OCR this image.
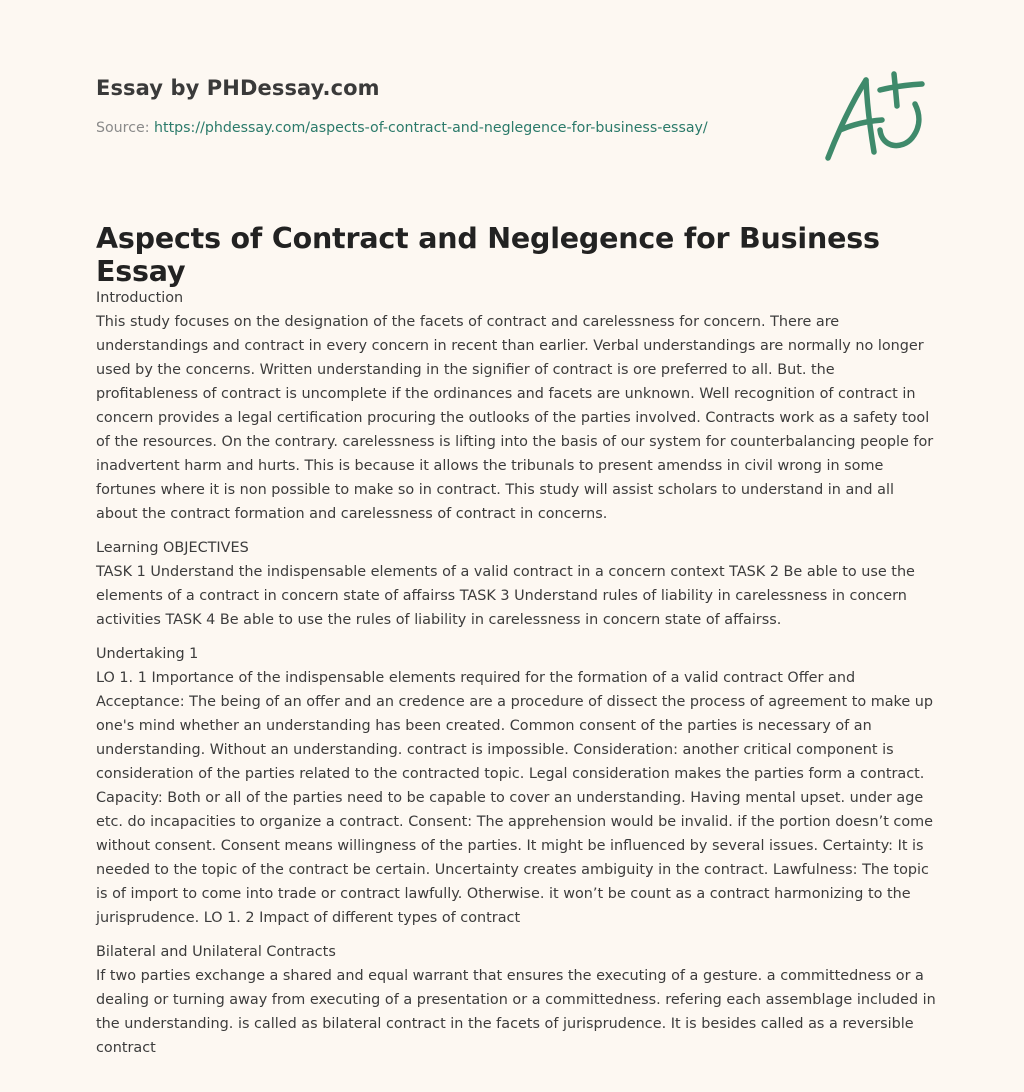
Essay by PHDessay.com

Source: https://phdessay.com/aspects-of-contract-and-neglegence-for-business-essay/
Aspects of Contract and Neglegence for Business Essay
Introduction
This study focuses on the designation of the facets of contract and carelessness for concern. There are understandings and contract in every concern in recent than earlier. Verbal understandings are normally no longer used by the concerns. Written understanding in the signifier of contract is ore preferred to all. But. the profitableness of contract is uncomplete if the ordinances and facets are unknown. Well recognition of contract in concern provides a legal certification procuring the outlooks of the parties involved. Contracts work as a safety tool of the resources. On the contrary. carelessness is lifting into the basis of our system for counterbalancing people for inadvertent harm and hurts. This is because it allows the tribunals to present amendss in civil wrong in some fortunes where it is non possible to make so in contract. This study will assist scholars to understand in and all about the contract formation and carelessness of contract in concerns.
Learning OBJECTIVES
TASK 1 Understand the indispensable elements of a valid contract in a concern context TASK 2 Be able to use the elements of a contract in concern state of affairss TASK 3 Understand rules of liability in carelessness in concern activities TASK 4 Be able to use the rules of liability in carelessness in concern state of affairss.
Undertaking 1
LO 1. 1 Importance of the indispensable elements required for the formation of a valid contract Offer and Acceptance: The being of an offer and an credence are a procedure of dissect the process of agreement to make up one's mind whether an understanding has been created. Common consent of the parties is necessary of an understanding. Without an understanding. contract is impossible. Consideration: another critical component is consideration of the parties related to the contracted topic. Legal consideration makes the parties form a contract. Capacity: Both or all of the parties need to be capable to cover an understanding. Having mental upset. under age etc. do incapacities to organize a contract. Consent: The apprehension would be invalid. if the portion doesn’t come without consent. Consent means willingness of the parties. It might be influenced by several issues. Certainty: It is needed to the topic of the contract be certain. Uncertainty creates ambiguity in the contract. Lawfulness: The topic is of import to come into trade or contract lawfully. Otherwise. it won’t be count as a contract harmonizing to the jurisprudence. LO 1. 2 Impact of different types of contract
Bilateral and Unilateral Contracts
If two parties exchange a shared and equal warrant that ensures the executing of a gesture. a committedness or a dealing or turning away from executing of a presentation or a committedness. refering each assemblage included in the understanding. is called as bilateral contract in the facets of jurisprudence. It is besides called as a reversible contract
